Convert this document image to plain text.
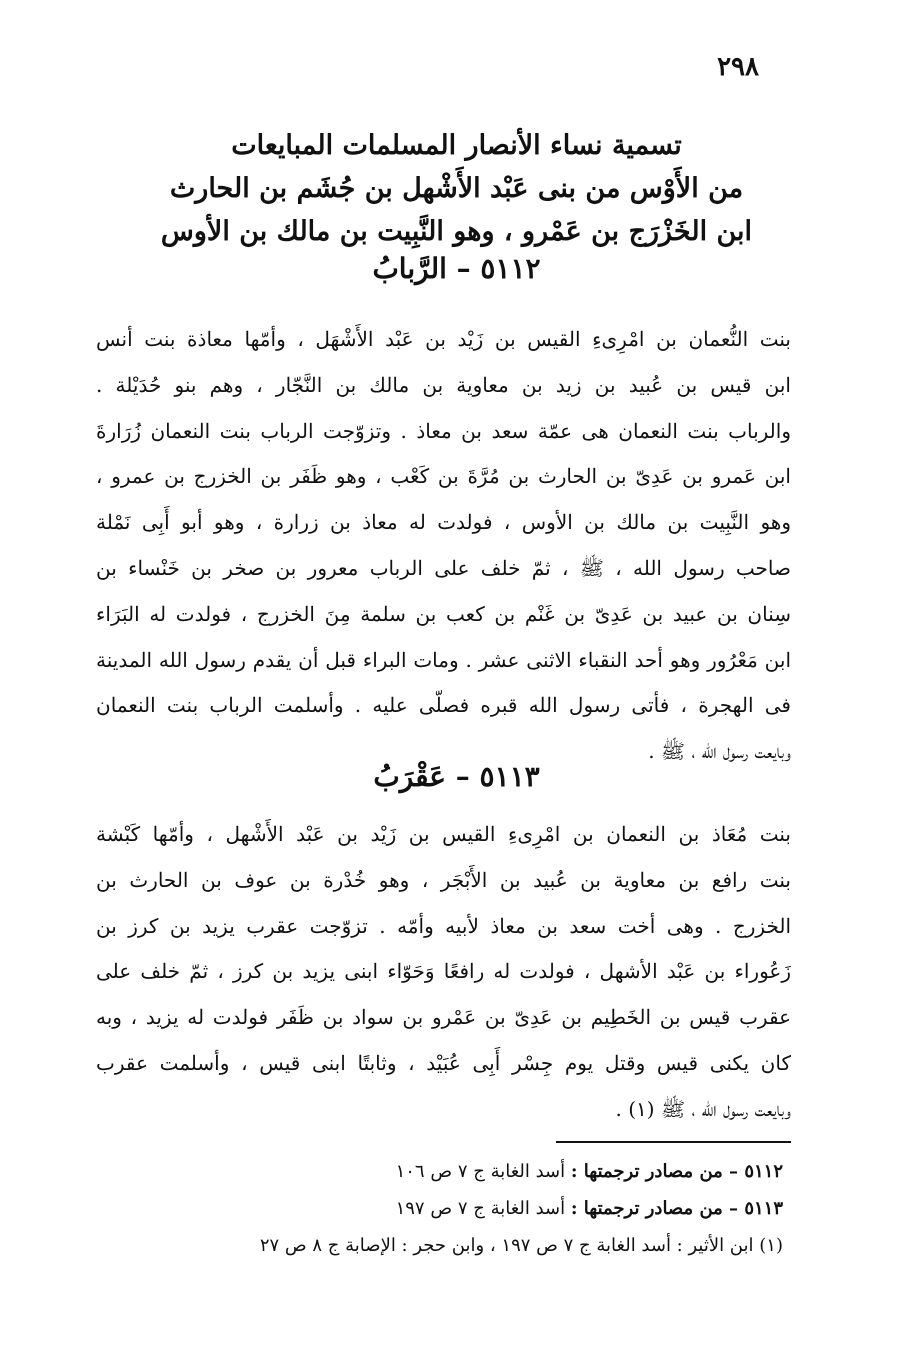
٢٩٨
تسمية نساء الأنصار المسلمات المبايعات
من الأَوْس من بنى عَبْد الأَشْهل بن جُشَم بن الحارث
ابن الخَزْرَج بن عَمْرو ، وهو النَّبِيت بن مالك بن الأوس
٥١١٢ – الرَّبابُ
بنت النُّعمان بن امْرِىءِ القيس بن زَيْد بن عَبْد الأَشْهَل ، وأمّها معاذة بنت أنس
ابن قيس بن عُبيد بن زيد بن معاوية بن مالك بن النَّجّار ، وهم بنو حُدَيْلة .
والرباب بنت النعمان هى عمّة سعد بن معاذ . وتزوّجت الرباب بنت النعمان زُرَارةَ
ابن عَمرو بن عَدِىّ بن الحارث بن مُرَّةَ بن كَعْب ، وهو ظَفَر بن الخزرج بن عمرو ،
وهو النَّبِيت بن مالك بن الأوس ، فولدت له معاذ بن زرارة ، وهو أبو أَبِى نَمْلة
صاحب رسول الله ، ﷺ ، ثمّ خلف على الرباب معرور بن صخر بن خَنْساء بن
سِنان بن عبيد بن عَدِىّ بن غَنْم بن كعب بن سلمة مِنَ الخزرج ، فولدت له البَرَاء
ابن مَعْرُور وهو أحد النقباء الاثنى عشر . ومات البراء قبل أن يقدم رسول الله المدينة
فى الهجرة ، فأتى رسول الله قبره فصلّى عليه . وأسلمت الرباب بنت النعمان
وبايعت رسول الله ، ﷺ .
٥١١٣ – عَقْرَبُ
بنت مُعَاذ بن النعمان بن امْرِىءِ القيس بن زَيْد بن عَبْد الأَشْهل ، وأمّها كَبْشة
بنت رافع بن معاوية بن عُبيد بن الأَبْجَر ، وهو خُدْرة بن عوف بن الحارث بن
الخزرج . وهى أخت سعد بن معاذ لأبيه وأمّه . تزوّجت عقرب يزيد بن كرز بن
زَعُوراء بن عَبْد الأشهل ، فولدت له رافعًا وَحَوّاء ابنى يزيد بن كرز ، ثمّ خلف على
عقرب قيس بن الخَطِيم بن عَدِىّ بن عَمْرو بن سواد بن ظَفَر فولدت له يزيد ، وبه
كان يكنى قيس وقتل يوم جِسْر أَبِى عُبَيْد ، وثابتًا ابنى قيس ، وأسلمت عقرب
وبايعت رسول الله ، ﷺ (١) .
٥١١٢ – من مصادر ترجمتها : أسد الغابة ج ٧ ص ١٠٦
٥١١٣ – من مصادر ترجمتها : أسد الغابة ج ٧ ص ١٩٧
(١) ابن الأثير : أسد الغابة ج ٧ ص ١٩٧ ، وابن حجر : الإصابة ج ٨ ص ٢٧
